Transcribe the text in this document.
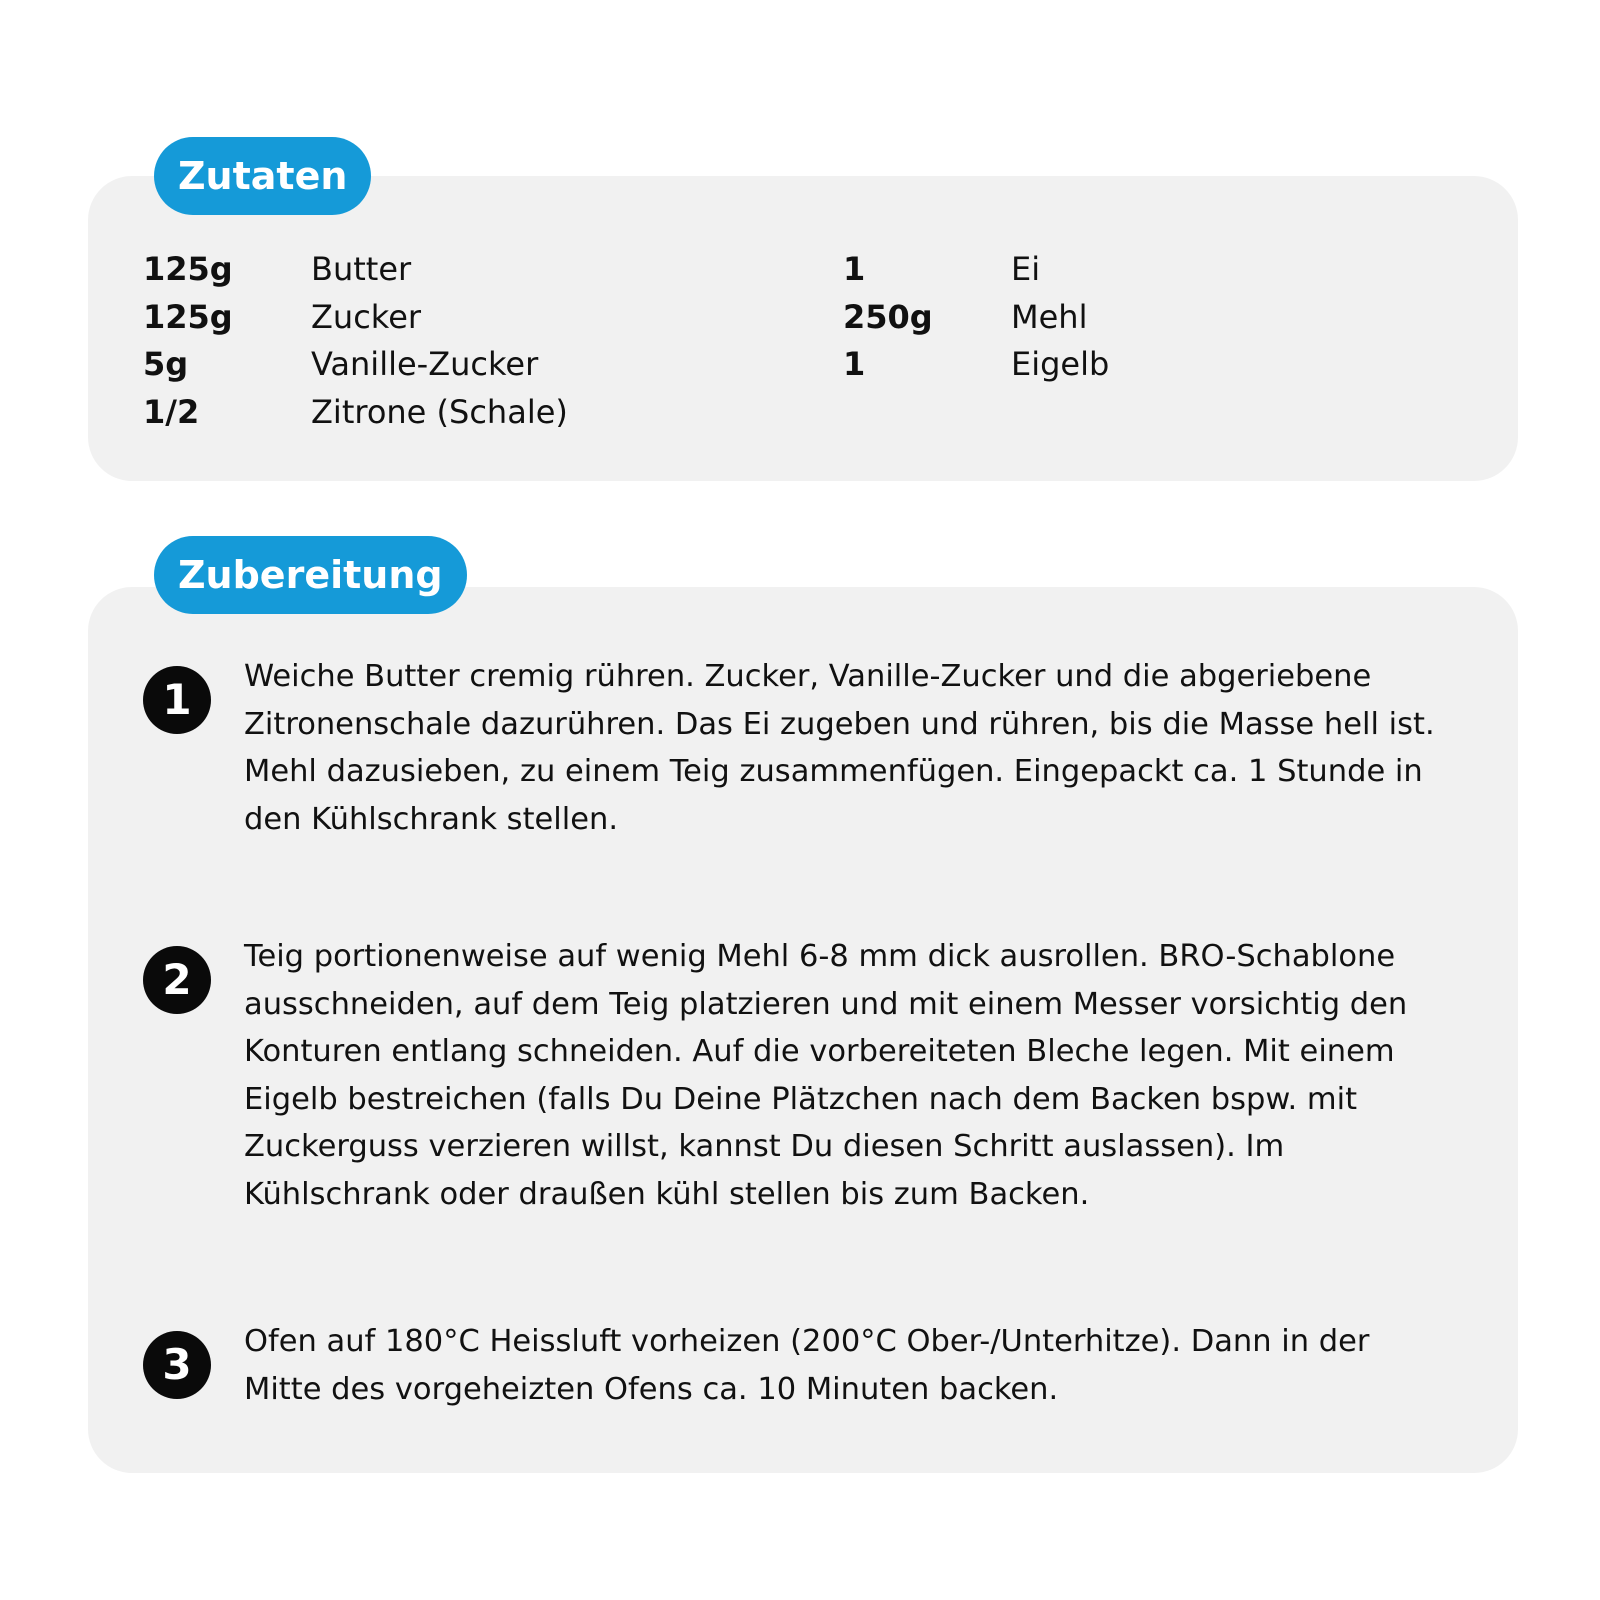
Zutaten
125g Butter
125g Zucker
5g	Vanille-Zucker
1/2	Zitrone (Schale)
1	Ei
250g Mehl
1	Eigelb
Zubereitung
1	Weiche Butter cremig rühren. Zucker, Vanille-Zucker und die abgeriebene Zitronenschale dazurühren. Das Ei zugeben und rühren, bis die Masse hell ist. Mehl dazusieben, zu einem Teig zusammenfügen. Eingepackt ca. 1 Stunde in den Kühlschrank stellen.

2	Teig portionenweise auf wenig Mehl 6-8 mm dick ausrollen. BRO-Schablone ausschneiden, auf dem Teig platzieren und mit einem Messer vorsichtig den Konturen entlang schneiden. Auf die vorbereiteten Bleche legen. Mit einem Eigelb bestreichen (falls Du Deine Plätzchen nach dem Backen bspw. mit Zuckerguss verzieren willst, kannst Du diesen Schritt auslassen). Im Kühlschrank oder draußen kühl stellen bis zum Backen.

3	Ofen auf 180°C Heissluft vorheizen (200°C Ober-/Unterhitze). Dann in der Mitte des vorgeheizten Ofens ca. 10 Minuten backen.
